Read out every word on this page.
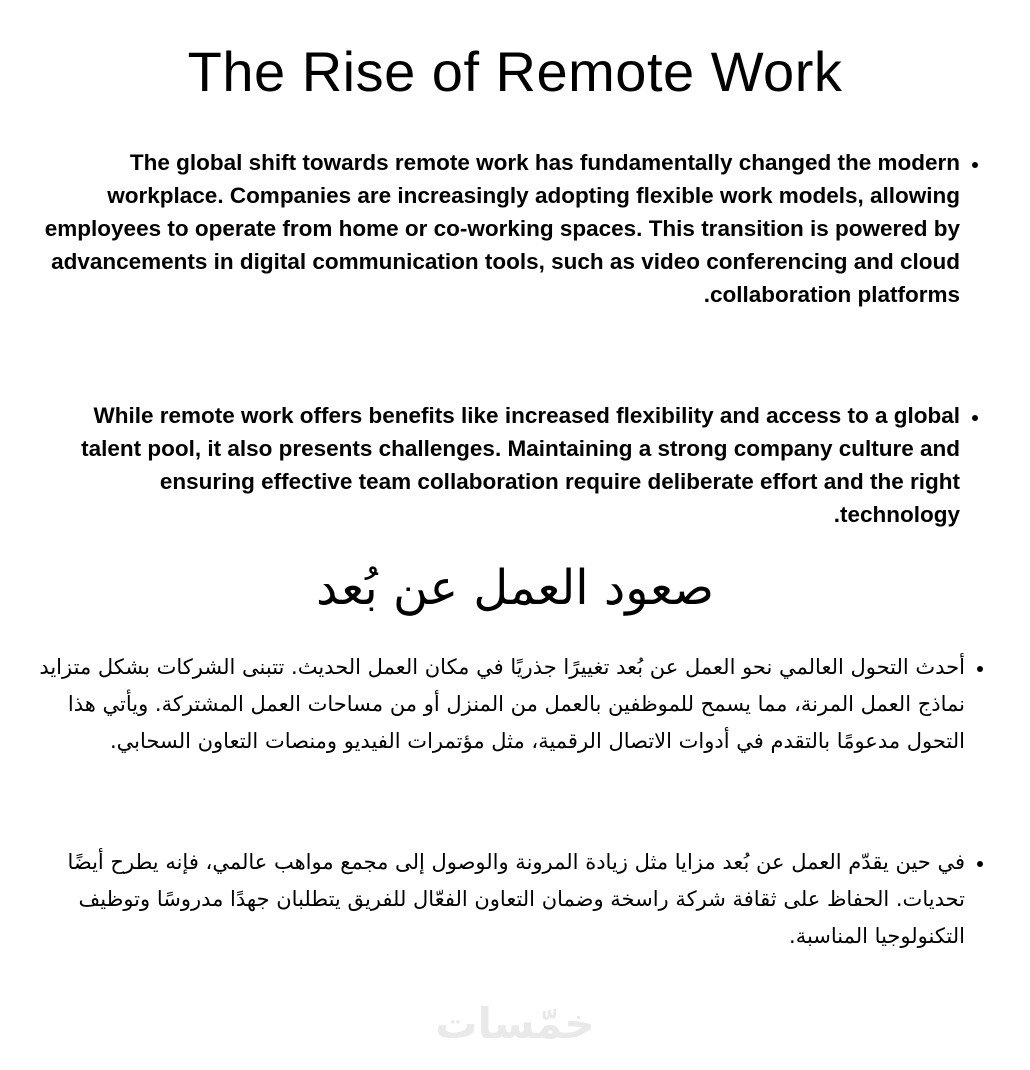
The Rise of Remote Work
• The global shift towards remote work has fundamentally changed the modern workplace. Companies are increasingly adopting flexible work models, allowing employees to operate from home or co-working spaces. This transition is powered by advancements in digital communication tools, such as video conferencing and cloud collaboration platforms.
• While remote work offers benefits like increased flexibility and access to a global talent pool, it also presents challenges. Maintaining a strong company culture and ensuring effective team collaboration require deliberate effort and the right technology.
صعود العمل عن بُعد
• أحدث التحول العالمي نحو العمل عن بُعد تغييرًا جذريًا في مكان العمل الحديث. تتبنى الشركات بشكل متزايد نماذج العمل المرنة، مما يسمح للموظفين بالعمل من المنزل أو من مساحات العمل المشتركة. ويأتي هذا التحول مدعومًا بالتقدم في أدوات الاتصال الرقمية، مثل مؤتمرات الفيديو ومنصات التعاون السحابي.
• في حين يقدّم العمل عن بُعد مزايا مثل زيادة المرونة والوصول إلى مجمع مواهب عالمي، فإنه يطرح أيضًا تحديات. الحفاظ على ثقافة شركة راسخة وضمان التعاون الفعّال للفريق يتطلبان جهدًا مدروسًا وتوظيف التكنولوجيا المناسبة.
خمّسات
